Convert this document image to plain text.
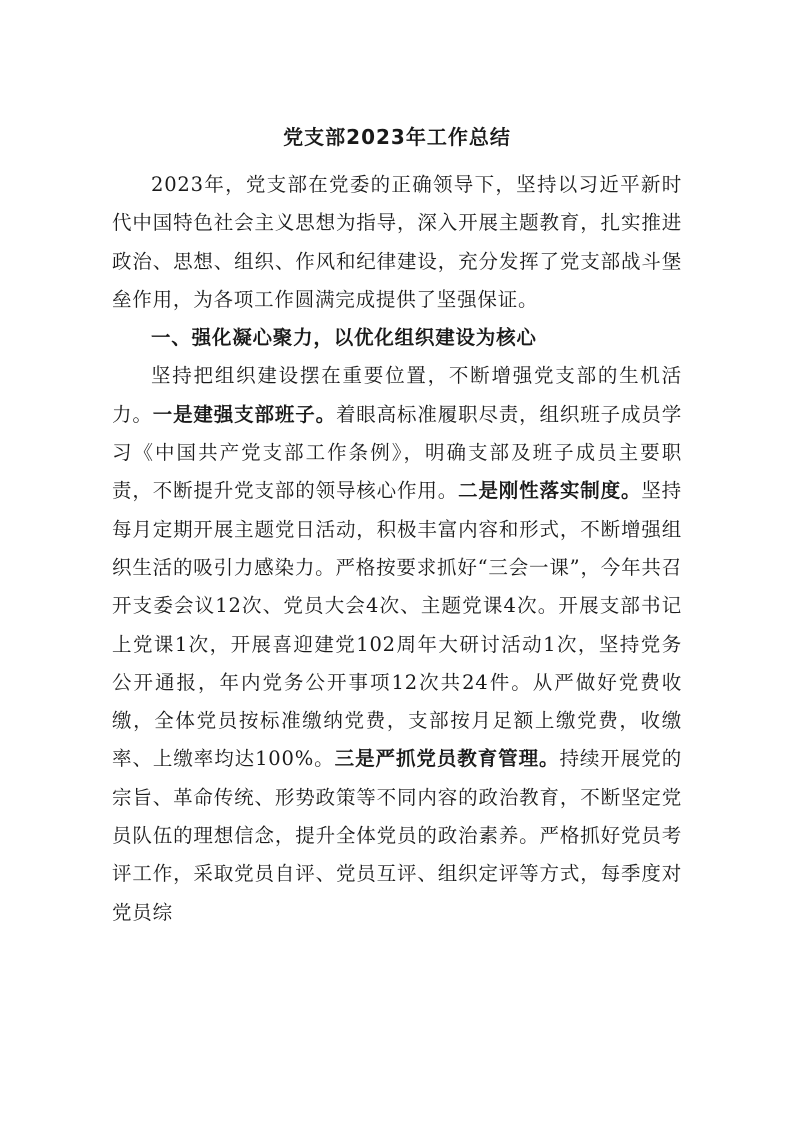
党支部2023年工作总结

2023年，党支部在党委的正确领导下，坚持以习近平新时代中国特色社会主义思想为指导，深入开展主题教育，扎实推进政治、思想、组织、作风和纪律建设，充分发挥了党支部战斗堡垒作用，为各项工作圆满完成提供了坚强保证。

一、强化凝心聚力，以优化组织建设为核心

坚持把组织建设摆在重要位置，不断增强党支部的生机活力。一是建强支部班子。着眼高标准履职尽责，组织班子成员学习《中国共产党支部工作条例》，明确支部及班子成员主要职责，不断提升党支部的领导核心作用。二是刚性落实制度。坚持每月定期开展主题党日活动，积极丰富内容和形式，不断增强组织生活的吸引力感染力。严格按要求抓好“三会一课”，今年共召开支委会议12次、党员大会4次、主题党课4次。开展支部书记上党课1次，开展喜迎建党102周年大研讨活动1次，坚持党务公开通报，年内党务公开事项12次共24件。从严做好党费收缴，全体党员按标准缴纳党费，支部按月足额上缴党费，收缴率、上缴率均达100%。三是严抓党员教育管理。持续开展党的宗旨、革命传统、形势政策等不同内容的政治教育，不断坚定党员队伍的理想信念，提升全体党员的政治素养。严格抓好党员考评工作，采取党员自评、党员互评、组织定评等方式，每季度对党员综
